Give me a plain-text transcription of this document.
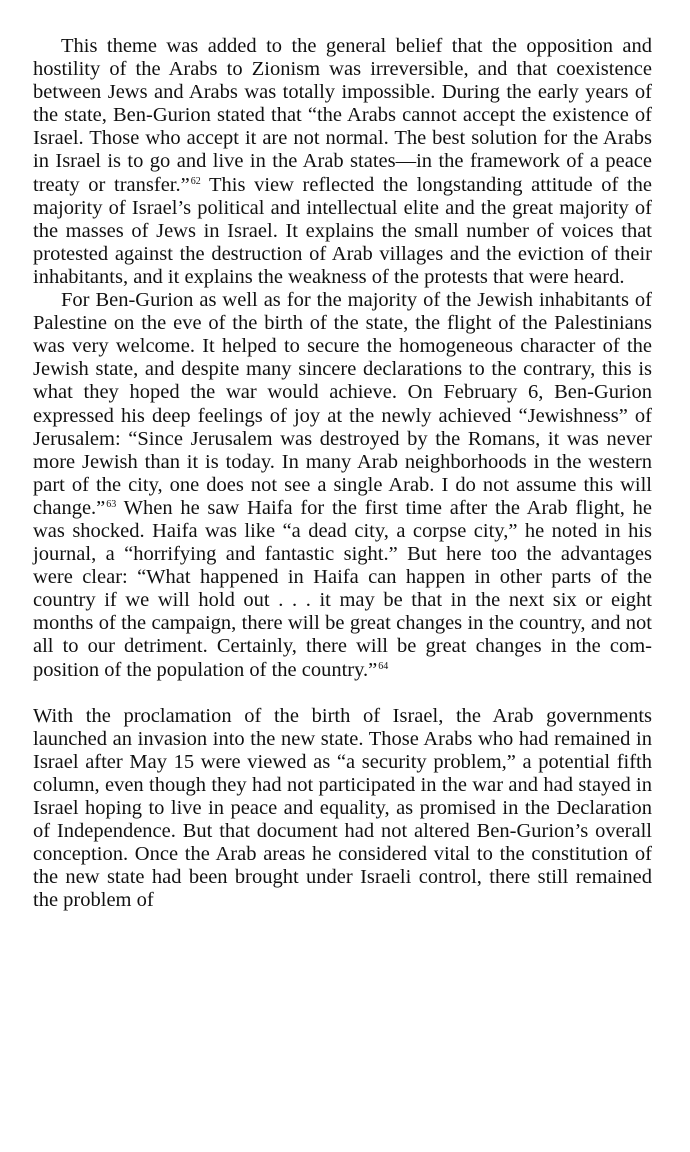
This theme was added to the general belief that the opposition and hostility of the Arabs to Zionism was irreversible, and that coexistence between Jews and Arabs was totally impossible. During the early years of the state, Ben-Gurion stated that “the Arabs cannot accept the existence of Israel. Those who accept it are not normal. The best solution for the Arabs in Israel is to go and live in the Arab states—in the framework of a peace treaty or transfer.”$^{62}$ This view reflected the longstanding attitude of the majority of Israel’s political and intellectual elite and the great majority of the masses of Jews in Israel. It explains the small number of voices that protested against the destruction of Arab villages and the eviction of their inhabitants, and it explains the weakness of the protests that were heard.

For Ben-Gurion as well as for the majority of the Jewish inhabitants of Palestine on the eve of the birth of the state, the flight of the Palestinians was very welcome. It helped to secure the homogeneous character of the Jewish state, and despite many sincere declarations to the contrary, this is what they hoped the war would achieve. On February 6, Ben-Gurion expressed his deep feelings of joy at the newly achieved “Jewishness” of Jerusalem: “Since Jerusalem was destroyed by the Romans, it was never more Jewish than it is today. In many Arab neighborhoods in the western part of the city, one does not see a single Arab. I do not assume this will change.”$^{63}$ When he saw Haifa for the first time after the Arab flight, he was shocked. Haifa was like “a dead city, a corpse city,” he noted in his journal, a “horrifying and fantastic sight.” But here too the advantages were clear: “What happened in Haifa can happen in other parts of the country if we will hold out . . . it may be that in the next six or eight months of the campaign, there will be great changes in the country, and not all to our detriment. Certainly, there will be great changes in the composition of the population of the country.”$^{64}$

With the proclamation of the birth of Israel, the Arab governments launched an invasion into the new state. Those Arabs who had remained in Israel after May 15 were viewed as “a security problem,” a potential fifth column, even though they had not participated in the war and had stayed in Israel hoping to live in peace and equality, as promised in the Declaration of Independence. But that document had not altered Ben-Gurion’s overall conception. Once the Arab areas he considered vital to the constitution of the new state had been brought under Israeli control, there still remained the problem of
